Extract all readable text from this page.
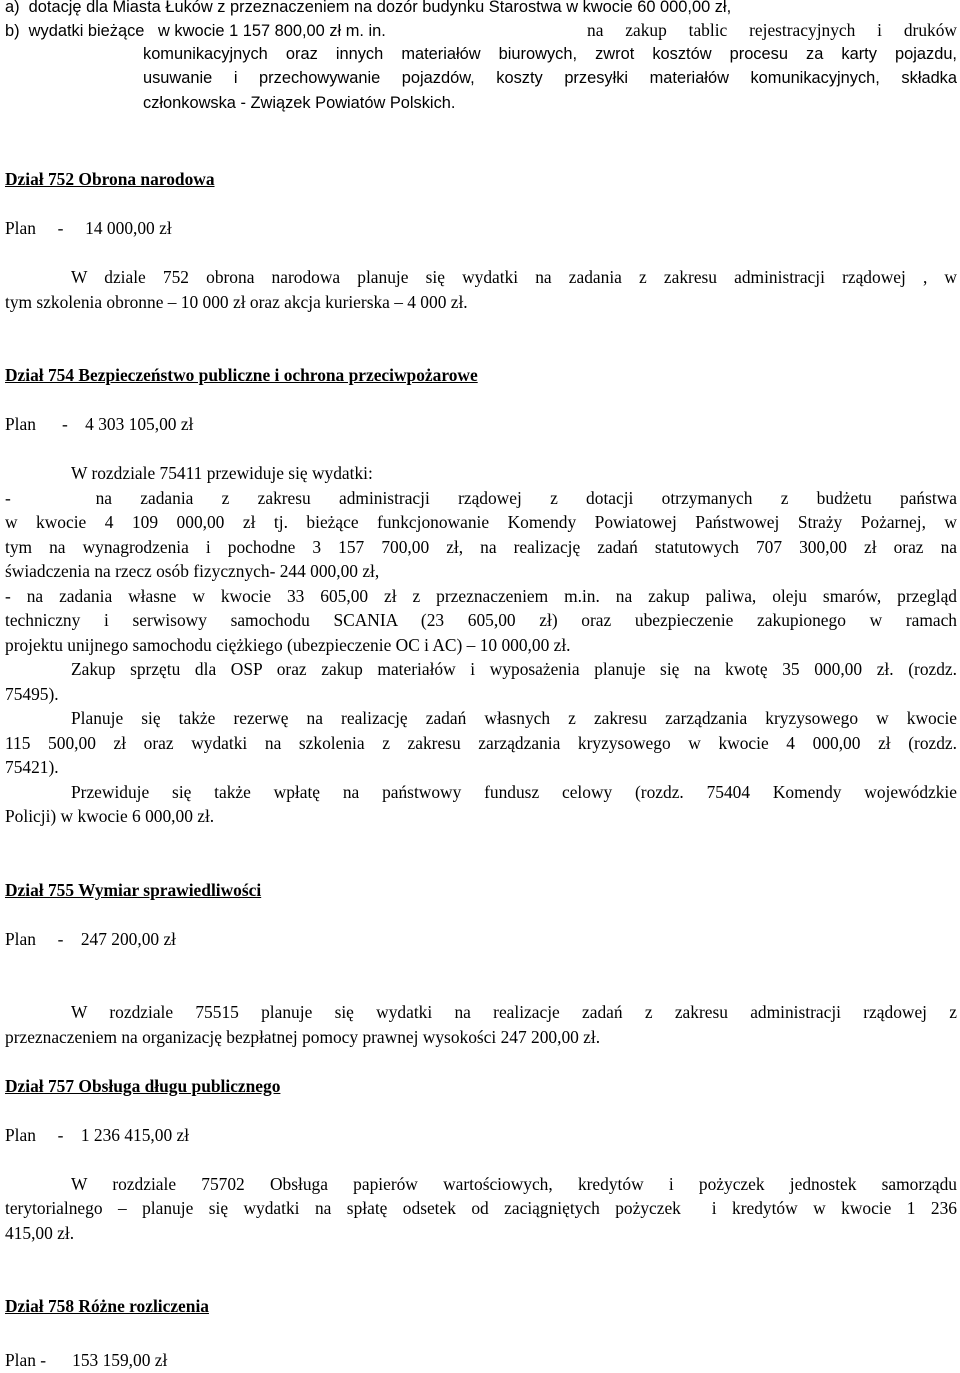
a)  dotację dla Miasta Łuków z przeznaczeniem na dozór budynku Starostwa w kwocie 60 000,00 zł,
b)  wydatki bieżące   w kwocie 1 157 800,00 zł m. in.	na zakup tablic rejestracyjnych i druków
komunikacyjnych oraz innych materiałów biurowych, zwrot kosztów procesu za karty pojazdu,
usuwanie i przechowywanie pojazdów, koszty przesyłki materiałów komunikacyjnych, składka
członkowska - Związek Powiatów Polskich.
Dział 752 Obrona narodowa
Plan     -     14 000,00 zł
W dziale 752 obrona narodowa planuje się wydatki na zadania z zakresu administracji rządowej , w
tym szkolenia obronne – 10 000 zł oraz akcja kurierska – 4 000 zł.
Dział 754 Bezpieczeństwo publiczne i ochrona przeciwpożarowe
Plan      -    4 303 105,00 zł
W rozdziale 75411 przewiduje się wydatki:
-   na zadania z zakresu administracji rządowej z dotacji otrzymanych z budżetu państwa
w kwocie 4 109 000,00 zł tj. bieżące funkcjonowanie Komendy Powiatowej Państwowej Straży Pożarnej, w
tym na wynagrodzenia i pochodne 3 157 700,00 zł, na realizację zadań statutowych 707 300,00 zł oraz na
świadczenia na rzecz osób fizycznych- 244 000,00 zł,
- na zadania własne w kwocie 33 605,00 zł z przeznaczeniem m.in. na zakup paliwa, oleju smarów, przegląd
techniczny i serwisowy samochodu SCANIA (23 605,00 zł) oraz ubezpieczenie zakupionego w ramach
projektu unijnego samochodu ciężkiego (ubezpieczenie OC i AC) – 10 000,00 zł.
Zakup sprzętu dla OSP oraz zakup materiałów i wyposażenia planuje się na kwotę 35 000,00 zł. (rozdz.
75495).
Planuje się także rezerwę na realizację zadań własnych z zakresu zarządzania kryzysowego w kwocie
115 500,00 zł oraz wydatki na szkolenia z zakresu zarządzania kryzysowego w kwocie 4 000,00 zł (rozdz.
75421).
Przewiduje się także wpłatę na państwowy fundusz celowy (rozdz. 75404 Komendy wojewódzkie
Policji) w kwocie 6 000,00 zł.
Dział 755 Wymiar sprawiedliwości
Plan     -    247 200,00 zł
W rozdziale 75515 planuje się wydatki na realizacje zadań z zakresu administracji rządowej z
przeznaczeniem na organizację bezpłatnej pomocy prawnej wysokości 247 200,00 zł.
Dział 757 Obsługa długu publicznego
Plan     -    1 236 415,00 zł
W rozdziale 75702 Obsługa papierów wartościowych, kredytów i pożyczek jednostek samorządu
terytorialnego – planuje się wydatki na spłatę odsetek od zaciągniętych pożyczek  i kredytów w kwocie 1 236
415,00 zł.
Dział 758 Różne rozliczenia
Plan -      153 159,00 zł
